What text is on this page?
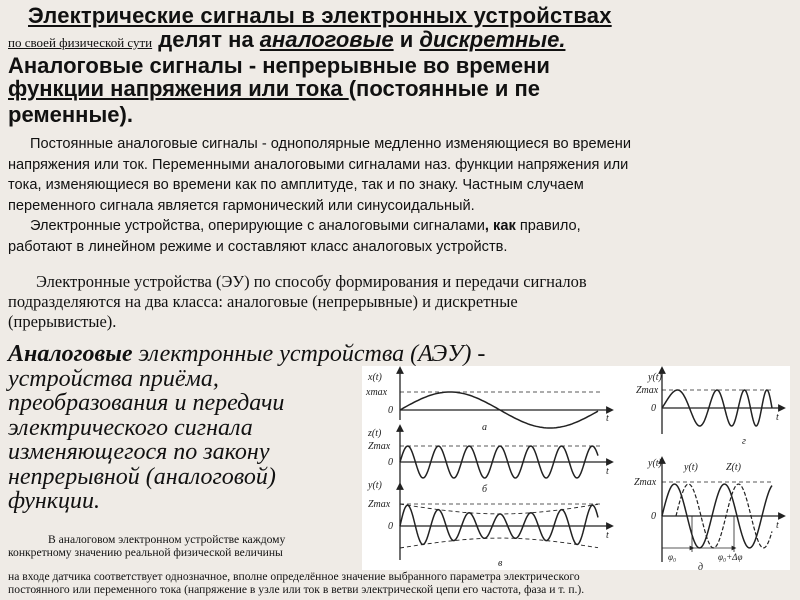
Электрические сигналы в электронных устройствах
по своей физической сути делят на аналоговые и дискретные.
Аналоговые сигналы - непрерывные во времени
функции напряжения или тока (постоянные и пе
ременные).
Постоянные аналоговые сигналы - однополярные медленно изменяющиеся во времени
напряжения или ток. Переменными аналоговыми сигналами наз. функции напряжения или
тока, изменяющиеся во времени как по амплитуде, так и по знаку. Частным случаем
переменного сигнала является гармонический или синусоидальный.
Электронные устройства, оперирующие с аналоговыми сигналами, как правило,
работают в линейном режиме и составляют класс аналоговых устройств.
Электронные устройства (ЭУ) по способу формирования и передачи сигналов
подразделяются на два класса: аналоговые (непрерывные) и дискретные
(прерывистые).
Аналоговые электронные устройства (АЭУ) -
устройства приёма,
преобразования и передачи
электрического сигнала
изменяющегося по закону
непрерывной (аналоговой)
функции.
В аналоговом электронном устройстве каждому
конкретному значению реальной физической величины
на входе датчика соответствует однозначное, вполне определённое значение выбранного параметра электрического
постоянного или переменного тока (напряжение в узле или ток в ветви электрической цепи его частота, фаза и т. п.).
x(t)
xmax
0
t
а
z(t)
Zmax
0
t
б
y(t)
Zmax
0
t
в
y(t)
Zmax
0
t
г
y(t) y(t)	Z(t)
Zmax
0
t
φ₀	φ₀+Δφ
д
